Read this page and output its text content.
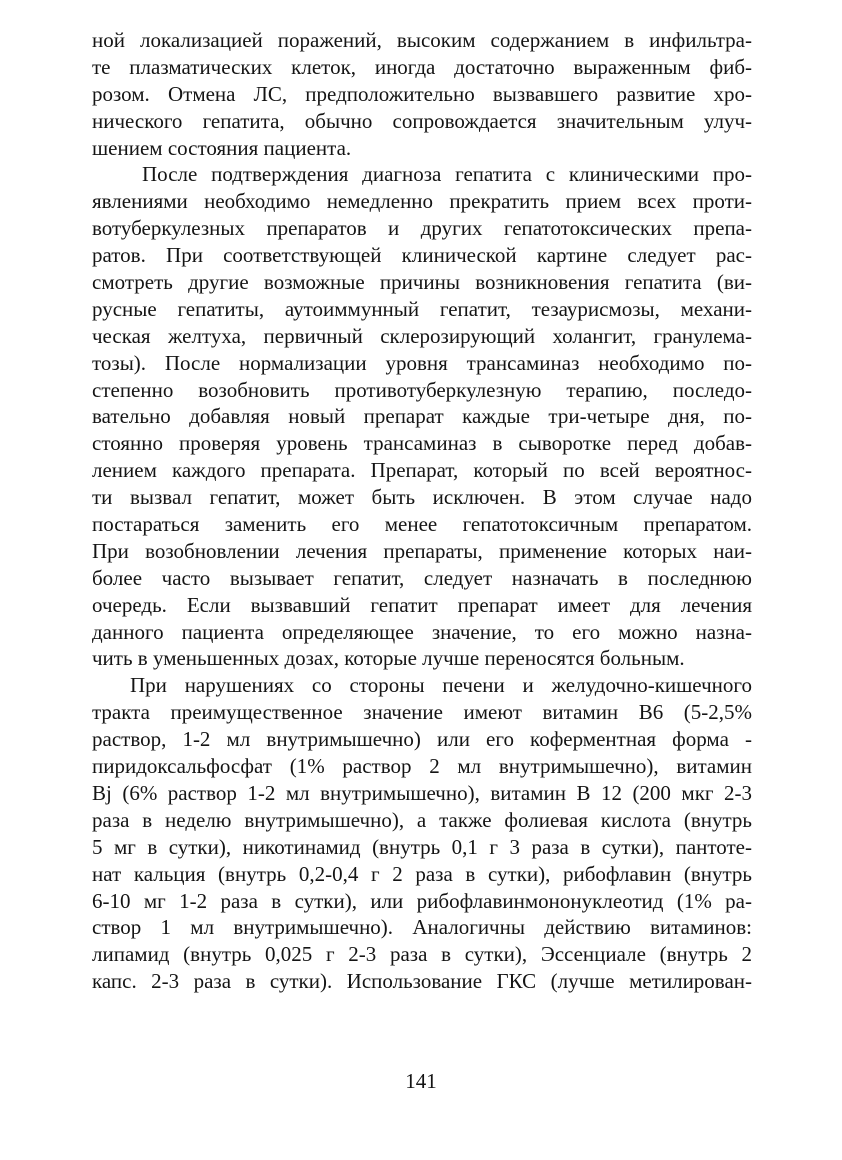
ной локализацией поражений, высоким содержанием в инфильтра-
те плазматических клеток, иногда достаточно выраженным фиб-
розом. Отмена ЛС, предположительно вызвавшего развитие хро-
нического гепатита, обычно сопровождается значительным улуч-
шением состояния пациента.
После подтверждения диагноза гепатита с клиническими про-
явлениями необходимо немедленно прекратить прием всех проти-
вотуберкулезных препаратов и других гепатотоксических препа-
ратов. При соответствующей клинической картине следует рас-
смотреть другие возможные причины возникновения гепатита (ви-
русные гепатиты, аутоиммунный гепатит, тезаурисмозы, механи-
ческая желтуха, первичный склерозирующий холангит, гранулема-
тозы). После нормализации уровня трансаминаз необходимо по-
степенно возобновить противотуберкулезную терапию, последо-
вательно добавляя новый препарат каждые три-четыре дня, по-
стоянно проверяя уровень трансаминаз в сыворотке перед добав-
лением каждого препарата. Препарат, который по всей вероятнос-
ти вызвал гепатит, может быть исключен. В этом случае надо
постараться заменить его менее гепатотоксичным препаратом.
При возобновлении лечения препараты, применение которых наи-
более часто вызывает гепатит, следует назначать в последнюю
очередь. Если вызвавший гепатит препарат имеет для лечения
данного пациента определяющее значение, то его можно назна-
чить в уменьшенных дозах, которые лучше переносятся больным.
При нарушениях со стороны печени и желудочно-кишечного
тракта преимущественное значение имеют витамин В6 (5-2,5%
раствор, 1-2 мл внутримышечно) или его коферментная форма -
пиридоксальфосфат (1% раствор 2 мл внутримышечно), витамин
Bj (6% раствор 1-2 мл внутримышечно), витамин В 12 (200 мкг 2-3
раза в неделю внутримышечно), а также фолиевая кислота (внутрь
5 мг в сутки), никотинамид (внутрь 0,1 г 3 раза в сутки), пантоте-
нат кальция (внутрь 0,2-0,4 г 2 раза в сутки), рибофлавин (внутрь
6-10 мг 1-2 раза в сутки), или рибофлавинмононуклеотид (1% ра-
створ 1 мл внутримышечно). Аналогичны действию витаминов:
липамид (внутрь 0,025 г 2-3 раза в сутки), Эссенциале (внутрь 2
капс. 2-3 раза в сутки). Использование ГКС (лучше метилирован-
141
